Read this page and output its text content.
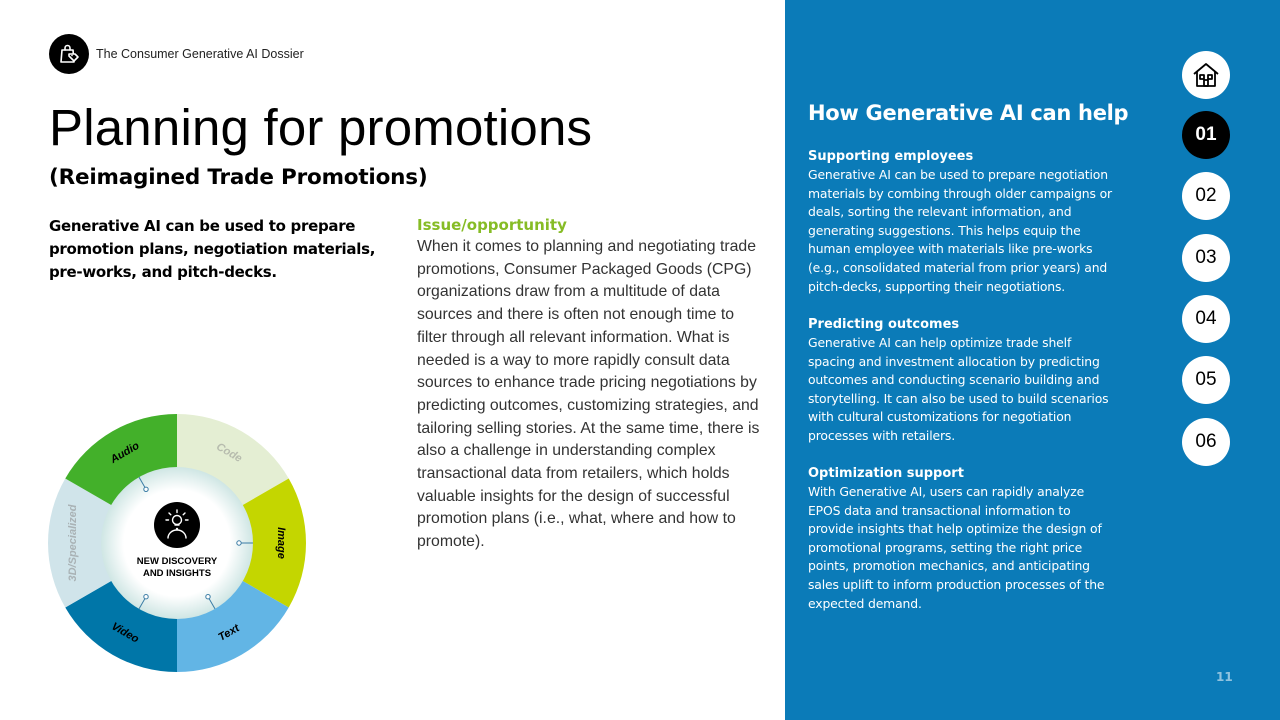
The Consumer Generative AI Dossier
Planning for promotions
(Reimagined Trade Promotions)

Generative AI can be used to prepare promotion plans, negotiation materials, pre-works, and pitch-decks.

Issue/opportunity

When it comes to planning and negotiating trade promotions, Consumer Packaged Goods (CPG) organizations draw from a multitude of data sources and there is often not enough time to filter through all relevant information. What is needed is a way to more rapidly consult data sources to enhance trade pricing negotiations by predicting outcomes, customizing strategies, and tailoring selling stories. At the same time, there is also a challenge in understanding complex transactional data from retailers, which holds valuable insights for the design of successful promotion plans (i.e., what, where and how to promote).

NEW DISCOVERY
AND INSIGHTS
Code
Image
Text
Video
3D/Specialized
Audio
How Generative AI can help
Supporting employees

Generative AI can be used to prepare negotiation materials by combing through older campaigns or deals, sorting the relevant information, and generating suggestions. This helps equip the human employee with materials like pre-works (e.g., consolidated material from prior years) and pitch-decks, supporting their negotiations.

Predicting outcomes

Generative AI can help optimize trade shelf spacing and investment allocation by predicting outcomes and conducting scenario building and storytelling. It can also be used to build scenarios with cultural customizations for negotiation processes with retailers.

Optimization support

With Generative AI, users can rapidly analyze EPOS data and transactional information to provide insights that help optimize the design of promotional programs, setting the right price points, promotion mechanics, and anticipating sales uplift to inform production processes of the expected demand.

11
01
02
03
04
05
06
